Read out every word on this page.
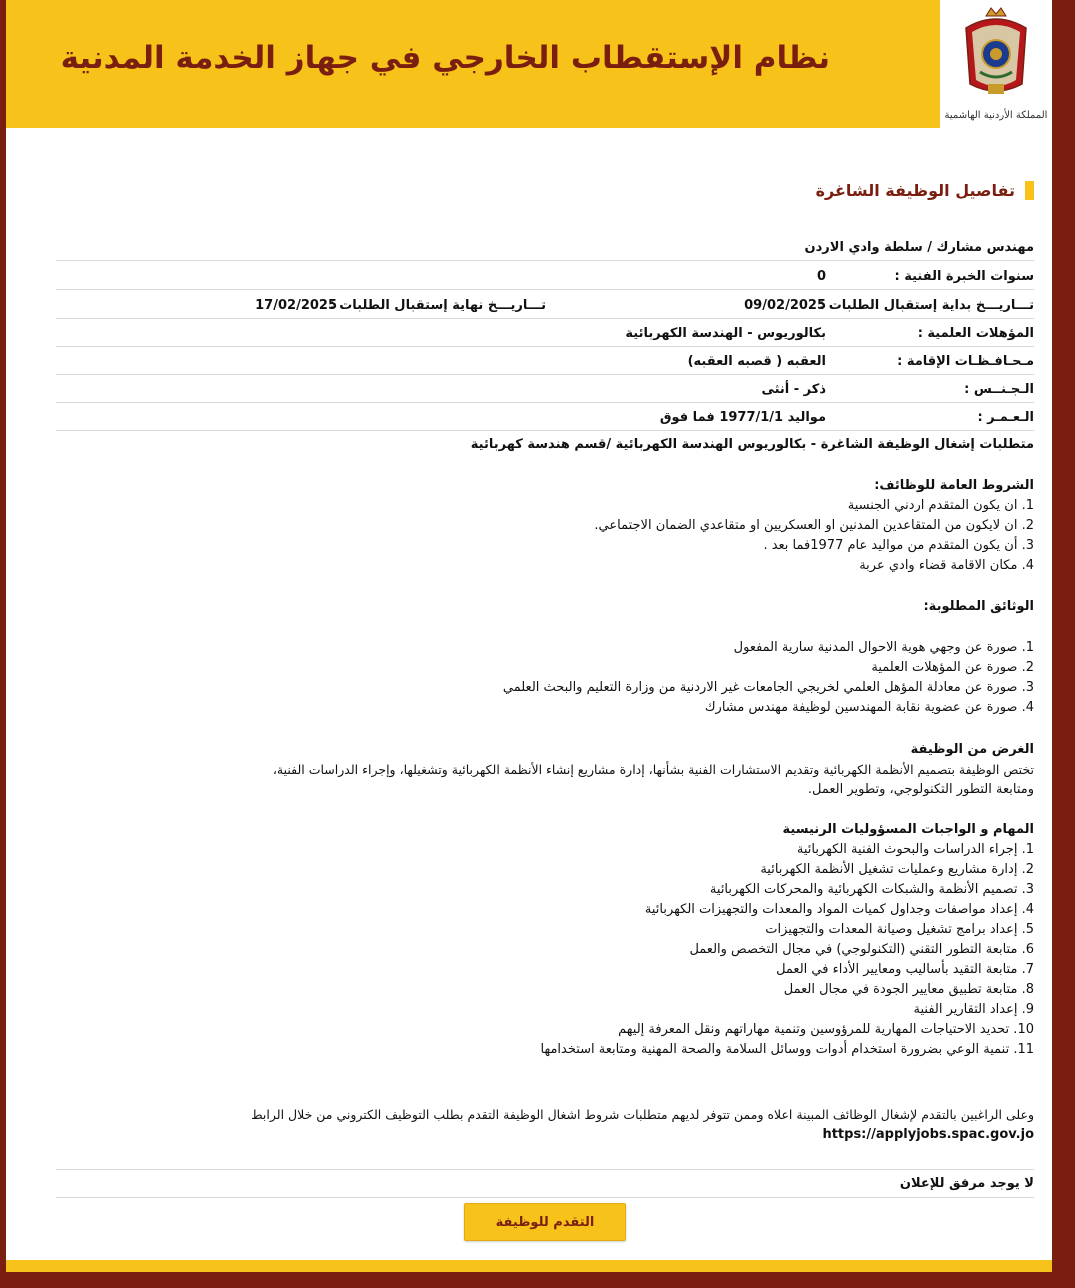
نظام الإستقطاب الخارجي في جهاز الخدمة المدنية
المملكة الأردنية الهاشمية
تفاصيل الوظيفة الشاغرة
مهندس مشارك / سلطة وادي الاردن
سنوات الخبرة الفنية :
0
تـــاريـــخ بداية إستقبال الطلبات :
09/02/2025
تـــاريـــخ نهاية إستقبال الطلبات :
17/02/2025
المؤهلات العلمية :
بكالوريوس - الهندسة الكهربائية
مـحـافـظـات الإقامة :
العقبه ( قصبه العقبه)
الـجـنــس :
ذكر - أنثى
الـعـمـر :
مواليد 1977/1/1 فما فوق
متطلبات إشغال الوظيفة الشاغرة - بكالوريوس الهندسة الكهربائية /قسم هندسة كهربائية
الشروط العامة للوظائف:
1. ان يكون المتقدم اردني الجنسية
2. ان لايكون من المتقاعدين المدنين او العسكريين او متقاعدي الضمان الاجتماعي.
3. أن يكون المتقدم من مواليد عام 1977فما بعد .
4. مكان الاقامة قضاء وادي عربة
الوثائق المطلوبة:
1. صورة عن وجهي هوية الاحوال المدنية سارية المفعول
2. صورة عن المؤهلات العلمية
3. صورة عن معادلة المؤهل العلمي لخريجي الجامعات غير الاردنية من وزارة التعليم والبحث العلمي
4. صورة عن عضوية نقابة المهندسين لوظيفة مهندس مشارك
الغرض من الوظيفة
تختص الوظيفة بتصميم الأنظمة الكهربائية وتقديم الاستشارات الفنية بشأنها، إدارة مشاريع إنشاء الأنظمة الكهربائية وتشغيلها، وإجراء الدراسات الفنية،
ومتابعة التطور التكنولوجي، وتطوير العمل.
المهام و الواجبات المسؤوليات الرنيسية
1. إجراء الدراسات والبحوث الفنية الكهربائية
2. إدارة مشاريع وعمليات تشغيل الأنظمة الكهربائية
3. تصميم الأنظمة والشبكات الكهربائية والمحركات الكهربائية
4. إعداد مواصفات وجداول كميات المواد والمعدات والتجهيزات الكهربائية
5. إعداد برامج تشغيل وصيانة المعدات والتجهيزات
6. متابعة التطور التقني (التكنولوجي) في مجال التخصص والعمل
7. متابعة التقيد بأساليب ومعايير الأداء في العمل
8. متابعة تطبيق معايير الجودة في مجال العمل
9. إعداد التقارير الفنية
10. تحديد الاحتياجات المهارية للمرؤوسين وتنمية مهاراتهم ونقل المعرفة إليهم
11. تنمية الوعي بضرورة استخدام أدوات ووسائل السلامة والصحة المهنية ومتابعة استخدامها
وعلى الراغبين بالتقدم لإشغال الوظائف المبينة اعلاه وممن تتوفر لديهم متطلبات شروط اشغال الوظيفة التقدم بطلب التوظيف الكتروني من خلال الرابط
https://applyjobs.spac.gov.jo
لا يوجد مرفق للإعلان
التقدم للوظيفة
